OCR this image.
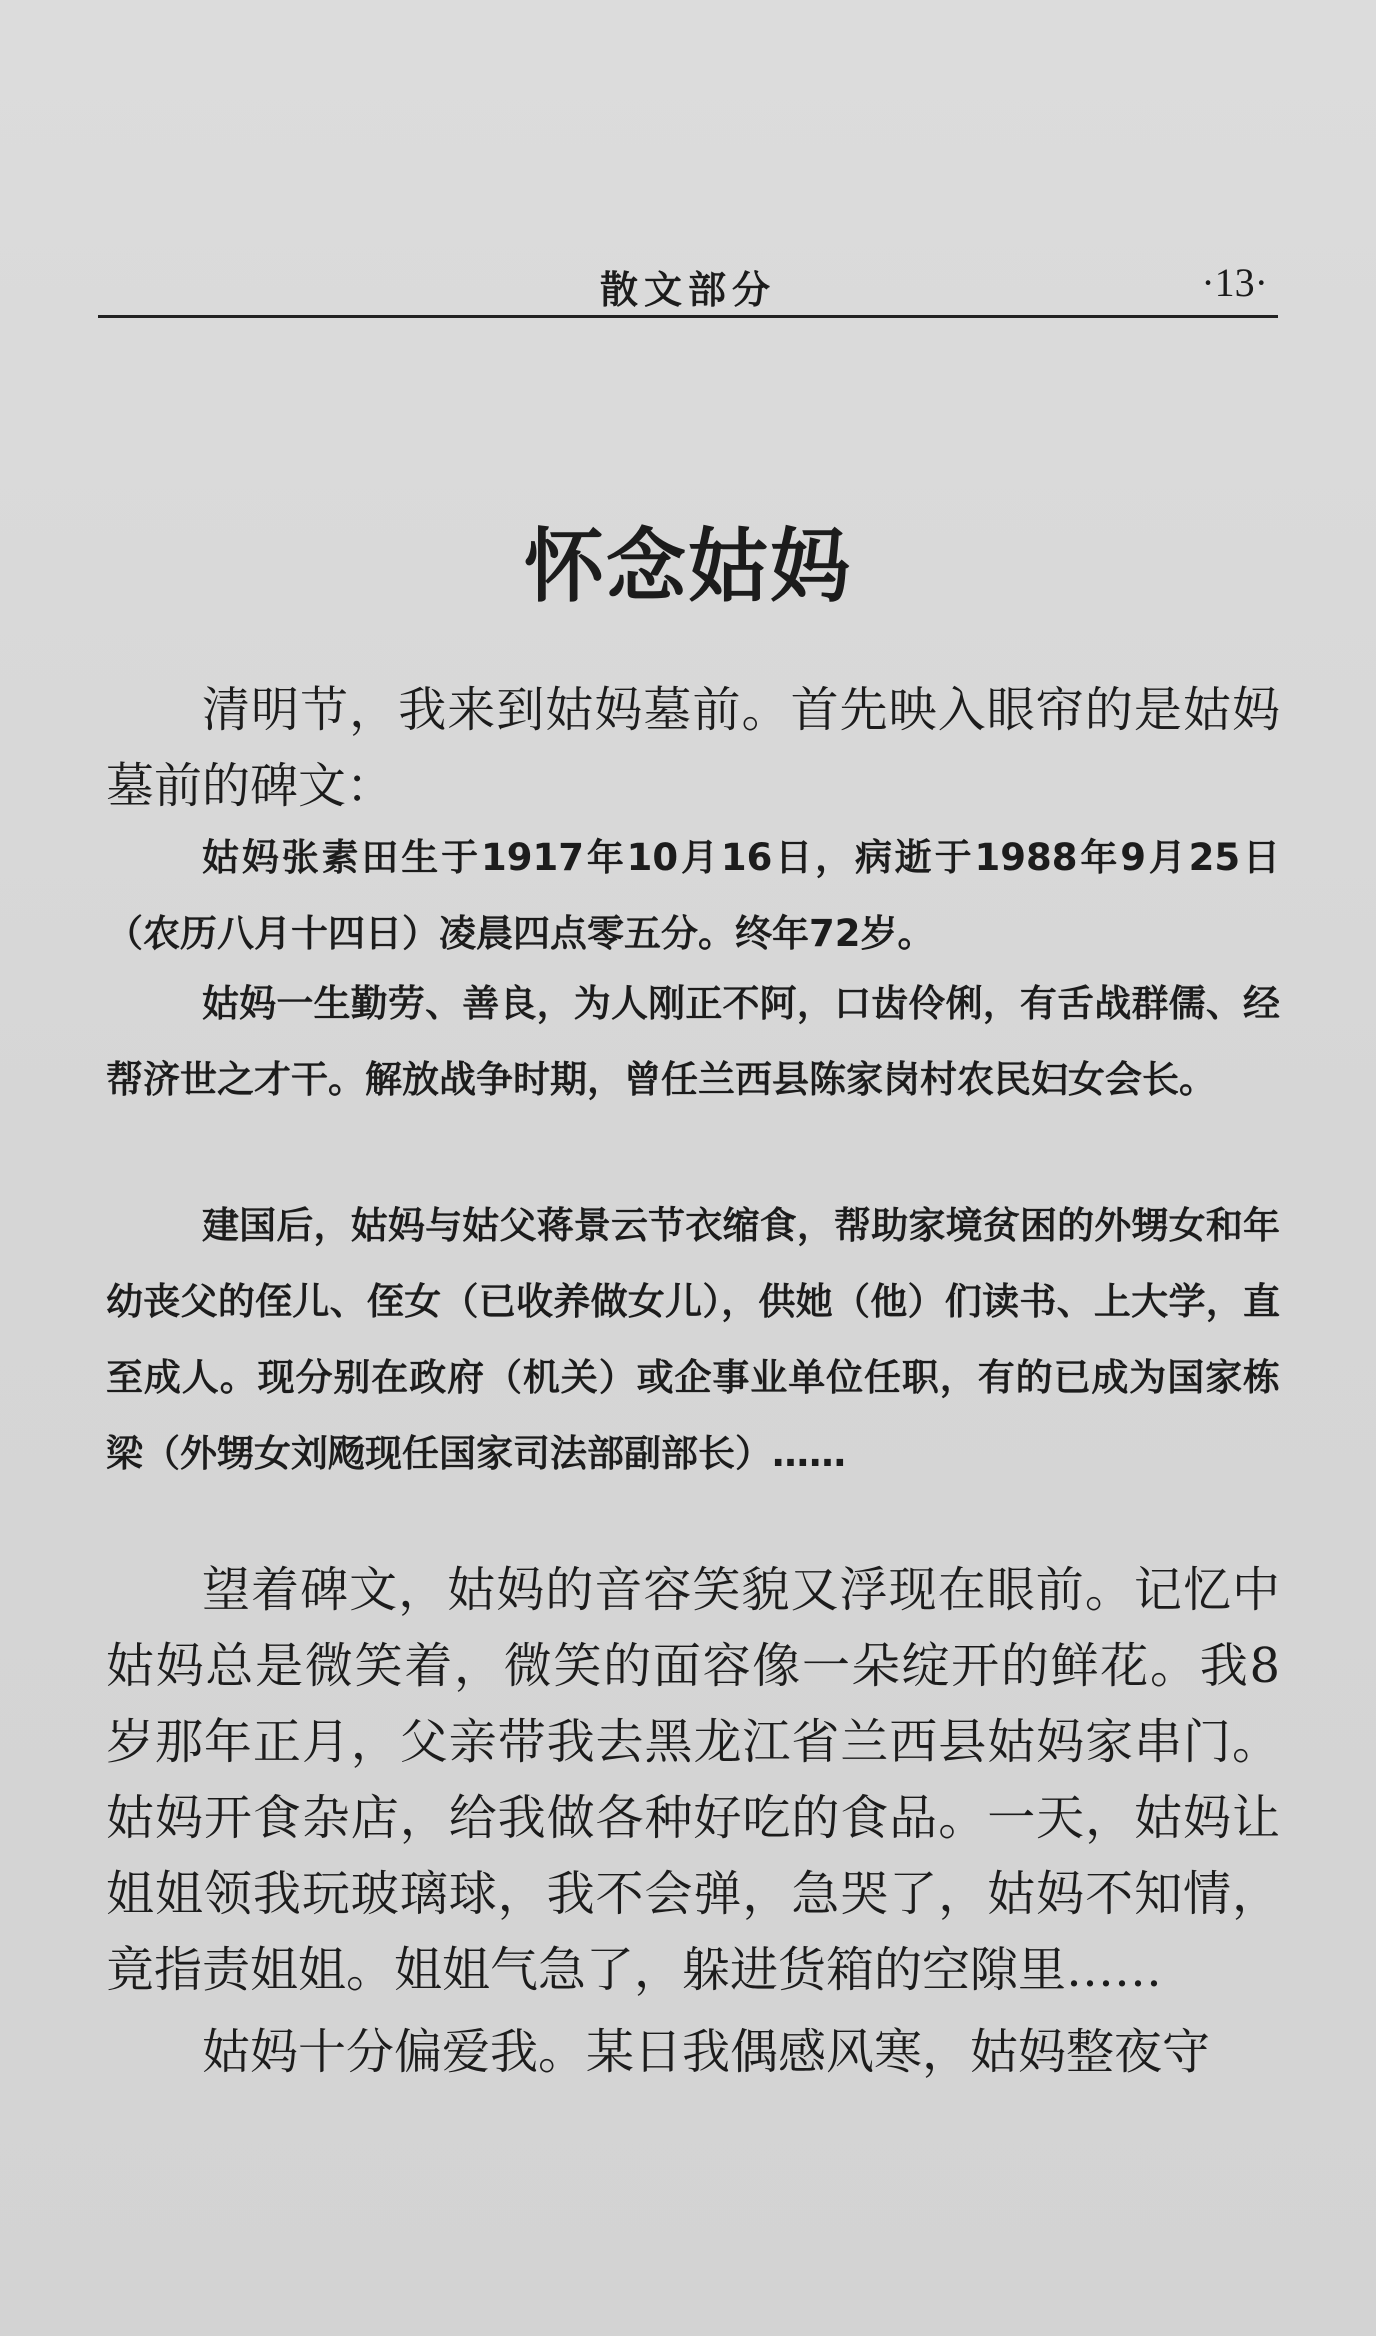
散文部分	·13·
怀念姑妈

清明节，我来到姑妈墓前。首先映入眼帘的是姑妈墓前的碑文：

姑妈张素田生于1917年10月16日，病逝于1988年9月25日（农历八月十四日）凌晨四点零五分。终年72岁。

姑妈一生勤劳、善良，为人刚正不阿，口齿伶俐，有舌战群儒、经帮济世之才干。解放战争时期，曾任兰西县陈家岗村农民妇女会长。

建国后，姑妈与姑父蒋景云节衣缩食，帮助家境贫困的外甥女和年幼丧父的侄儿、侄女（已收养做女儿），供她（他）们读书、上大学，直至成人。现分别在政府（机关）或企事业单位任职，有的已成为国家栋梁（外甥女刘飏现任国家司法部副部长）……

望着碑文，姑妈的音容笑貌又浮现在眼前。记忆中姑妈总是微笑着，微笑的面容像一朵绽开的鲜花。我8岁那年正月，父亲带我去黑龙江省兰西县姑妈家串门。姑妈开食杂店，给我做各种好吃的食品。一天，姑妈让姐姐领我玩玻璃球，我不会弹，急哭了，姑妈不知情，竟指责姐姐。姐姐气急了，躲进货箱的空隙里……

姑妈十分偏爱我。某日我偶感风寒，姑妈整夜守
